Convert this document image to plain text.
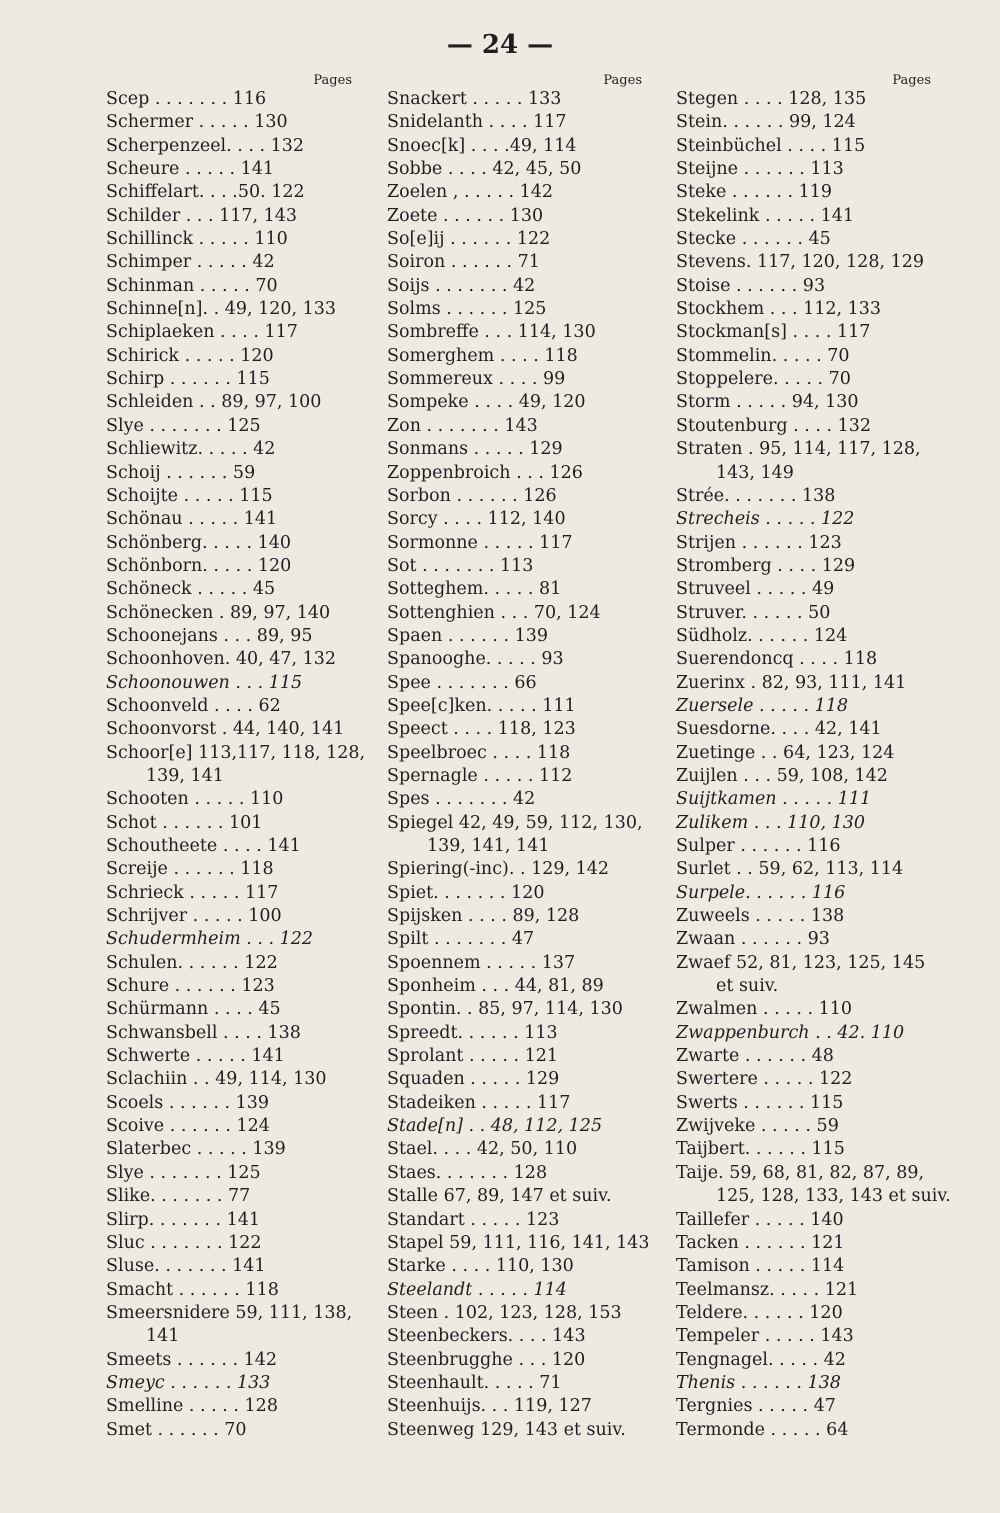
— 24 —
Pages
Scep . . . . . . . 116
Schermer . . . . . 130
Scherpenzeel. . . . 132
Scheure . . . . . 141
Schiffelart. . . .50. 122
Schilder . . . 117, 143
Schillinck . . . . . 110
Schimper . . . . . 42
Schinman . . . . . 70
Schinne[n]. . 49, 120, 133
Schiplaeken . . . . 117
Schirick . . . . . 120
Schirp . . . . . . 115
Schleiden . . 89, 97, 100
Slye . . . . . . . 125
Schliewitz. . . . . 42
Schoij . . . . . . 59
Schoijte . . . . . 115
Schönau . . . . . 141
Schönberg. . . . . 140
Schönborn. . . . . 120
Schöneck . . . . . 45
Schönecken . 89, 97, 140
Schoonejans . . . 89, 95
Schoonhoven. 40, 47, 132
Schoonouwen . . . 115
Schoonveld . . . . 62
Schoonvorst . 44, 140, 141
Schoor[e] 113,117, 118, 128,
139, 141
Schooten . . . . . 110
Schot . . . . . . 101
Schoutheete . . . . 141
Screije . . . . . . 118
Schrieck . . . . . 117
Schrijver . . . . . 100
Schudermheim . . . 122
Schulen. . . . . . 122
Schure . . . . . . 123
Schürmann . . . . 45
Schwansbell . . . . 138
Schwerte . . . . . 141
Sclachiin . . 49, 114, 130
Scoels . . . . . . 139
Scoive . . . . . . 124
Slaterbec . . . . . 139
Slye . . . . . . . 125
Slike. . . . . . . 77
Slirp. . . . . . . 141
Sluc . . . . . . . 122
Sluse. . . . . . . 141
Smacht . . . . . . 118
Smeersnidere 59, 111, 138,
141
Smeets . . . . . . 142
Smeyc . . . . . . 133
Smelline . . . . . 128
Smet . . . . . . 70
Pages
Snackert . . . . . 133
Snidelanth . . . . 117
Snoec[k] . . . .49, 114
Sobbe . . . . 42, 45, 50
Zoelen , . . . . . 142
Zoete . . . . . . 130
So[e]ij . . . . . . 122
Soiron . . . . . . 71
Soijs . . . . . . . 42
Solms . . . . . . 125
Sombreffe . . . 114, 130
Somerghem . . . . 118
Sommereux . . . . 99
Sompeke . . . . 49, 120
Zon . . . . . . . 143
Sonmans . . . . . 129
Zoppenbroich . . . 126
Sorbon . . . . . . 126
Sorcy . . . . 112, 140
Sormonne . . . . . 117
Sot . . . . . . . 113
Sotteghem. . . . . 81
Sottenghien . . . 70, 124
Spaen . . . . . . 139
Spanooghe. . . . . 93
Spee . . . . . . . 66
Spee[c]ken. . . . . 111
Speect . . . . 118, 123
Speelbroec . . . . 118
Spernagle . . . . . 112
Spes . . . . . . . 42
Spiegel 42, 49, 59, 112, 130,
139, 141, 141
Spiering(-inc). . 129, 142
Spiet. . . . . . . 120
Spijsken . . . . 89, 128
Spilt . . . . . . . 47
Spoennem . . . . . 137
Sponheim . . . 44, 81, 89
Spontin. . 85, 97, 114, 130
Spreedt. . . . . . 113
Sprolant . . . . . 121
Squaden . . . . . 129
Stadeiken . . . . . 117
Stade[n] . . 48, 112, 125
Stael. . . . 42, 50, 110
Staes. . . . . . . 128
Stalle 67, 89, 147 et suiv.
Standart . . . . . 123
Stapel 59, 111, 116, 141, 143
Starke . . . . 110, 130
Steelandt . . . . . 114
Steen . 102, 123, 128, 153
Steenbeckers. . . . 143
Steenbrugghe . . . 120
Steenhault. . . . . 71
Steenhuijs. . . 119, 127
Steenweg 129, 143 et suiv.
Pages
Stegen . . . . 128, 135
Stein. . . . . . 99, 124
Steinbüchel . . . . 115
Steijne . . . . . . 113
Steke . . . . . . 119
Stekelink . . . . . 141
Stecke . . . . . . 45
Stevens. 117, 120, 128, 129
Stoise . . . . . . 93
Stockhem . . . 112, 133
Stockman[s] . . . . 117
Stommelin. . . . . 70
Stoppelere. . . . . 70
Storm . . . . . 94, 130
Stoutenburg . . . . 132
Straten . 95, 114, 117, 128,
143, 149
Strée. . . . . . . 138
Strecheis . . . . . 122
Strijen . . . . . . 123
Stromberg . . . . 129
Struveel . . . . . 49
Struver. . . . . . 50
Südholz. . . . . . 124
Suerendoncq . . . . 118
Zuerinx . 82, 93, 111, 141
Zuersele . . . . . 118
Suesdorne. . . . 42, 141
Zuetinge . . 64, 123, 124
Zuijlen . . . 59, 108, 142
Suijtkamen . . . . . 111
Zulikem . . . 110, 130
Sulper . . . . . . 116
Surlet . . 59, 62, 113, 114
Surpele. . . . . . 116
Zuweels . . . . . 138
Zwaan . . . . . . 93
Zwaef 52, 81, 123, 125, 145
et suiv.
Zwalmen . . . . . 110
Zwappenburch . . 42. 110
Zwarte . . . . . . 48
Swertere . . . . . 122
Swerts . . . . . . 115
Zwijveke . . . . . 59
Taijbert. . . . . . 115
Taije. 59, 68, 81, 82, 87, 89,
125, 128, 133, 143 et suiv.
Taillefer . . . . . 140
Tacken . . . . . . 121
Tamison . . . . . 114
Teelmansz. . . . . 121
Teldere. . . . . . 120
Tempeler . . . . . 143
Tengnagel. . . . . 42
Thenis . . . . . . 138
Tergnies . . . . . 47
Termonde . . . . . 64
